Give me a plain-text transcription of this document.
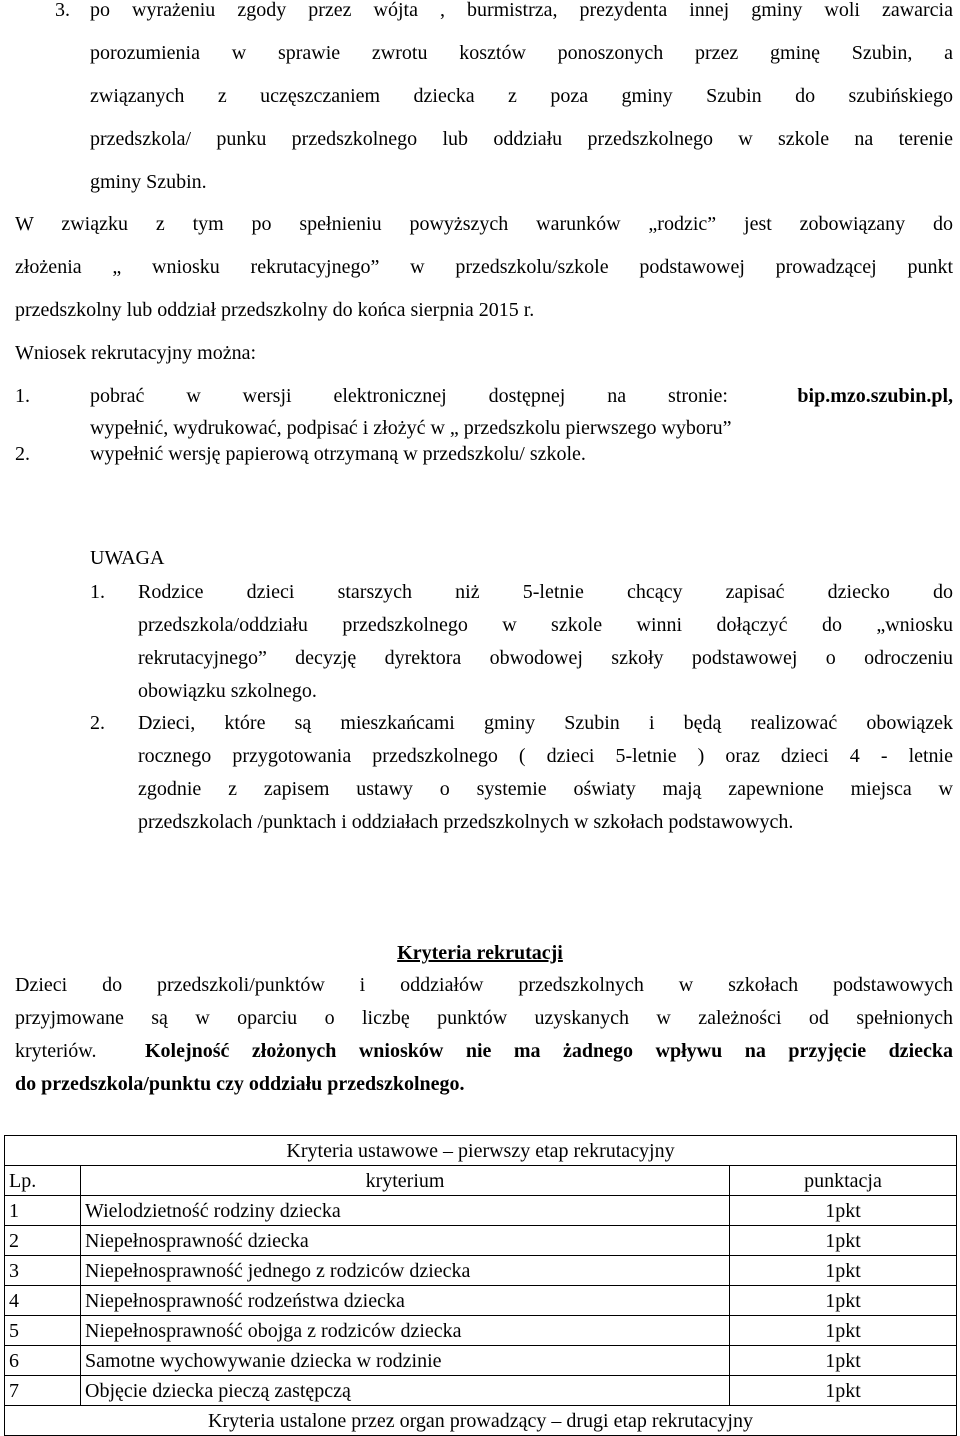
3. po wyrażeniu zgody przez wójta , burmistrza, prezydenta innej gminy woli zawarcia
porozumienia w sprawie zwrotu kosztów ponoszonych przez gminę Szubin, a
związanych z uczęszczaniem dziecka z poza gminy Szubin do szubińskiego
przedszkola/ punku przedszkolnego lub oddziału przedszkolnego w szkole na terenie
gminy Szubin.
W związku z tym po spełnieniu powyższych warunków „rodzic” jest zobowiązany do
złożenia „ wniosku rekrutacyjnego” w przedszkolu/szkole podstawowej prowadzącej punkt
przedszkolny lub oddział przedszkolny do końca sierpnia 2015 r.
Wniosek rekrutacyjny można:
1.	pobrać w wersji elektronicznej dostępnej na stronie:	bip.mzo.szubin.pl,
wypełnić, wydrukować, podpisać i złożyć w „ przedszkolu pierwszego wyboru”
2.	wypełnić wersję papierową otrzymaną w przedszkolu/ szkole.
UWAGA
1. Rodzice dzieci starszych niż 5-letnie chcący zapisać dziecko do
przedszkola/oddziału przedszkolnego w szkole winni dołączyć do „wniosku
rekrutacyjnego” decyzję dyrektora obwodowej szkoły podstawowej o odroczeniu
obowiązku szkolnego.
2. Dzieci, które są mieszkańcami gminy Szubin i będą realizować obowiązek
rocznego przygotowania przedszkolnego ( dzieci 5-letnie ) oraz dzieci 4 - letnie
zgodnie z zapisem ustawy o systemie oświaty mają zapewnione miejsca w
przedszkolach /punktach i oddziałach przedszkolnych w szkołach podstawowych.
Kryteria rekrutacji
Dzieci do przedszkoli/punktów i oddziałów przedszkolnych w szkołach podstawowych
przyjmowane są w oparciu o liczbę punktów uzyskanych w zależności od spełnionych
kryteriów. Kolejność złożonych wniosków nie ma żadnego wpływu na przyjęcie dziecka
do przedszkola/punktu czy oddziału przedszkolnego.
Kryteria ustawowe – pierwszy etap rekrutacyjny		
Lp.	kryterium	punktacja
1	Wielodzietność rodziny dziecka	1pkt
2	Niepełnosprawność dziecka	1pkt
3	Niepełnosprawność jednego z rodziców dziecka	1pkt
4	Niepełnosprawność rodzeństwa dziecka	1pkt
5	Niepełnosprawność obojga z rodziców dziecka	1pkt
6	Samotne wychowywanie dziecka w rodzinie	1pkt
7	Objęcie dziecka pieczą zastępczą	1pkt
Kryteria ustalone przez organ prowadzący – drugi etap rekrutacyjny		
